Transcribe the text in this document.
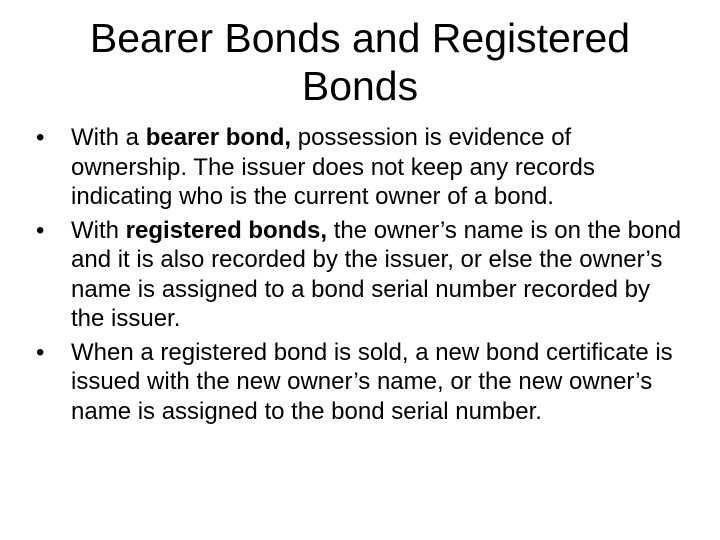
Bearer Bonds and Registered Bonds
•	With a bearer bond, possession is evidence of ownership. The issuer does not keep any records indicating who is the current owner of a bond.
•	With registered bonds, the owner’s name is on the bond and it is also recorded by the issuer, or else the owner’s name is assigned to a bond serial number recorded by the issuer.
•	When a registered bond is sold, a new bond certificate is issued with the new owner’s name, or the new owner’s name is assigned to the bond serial number.
